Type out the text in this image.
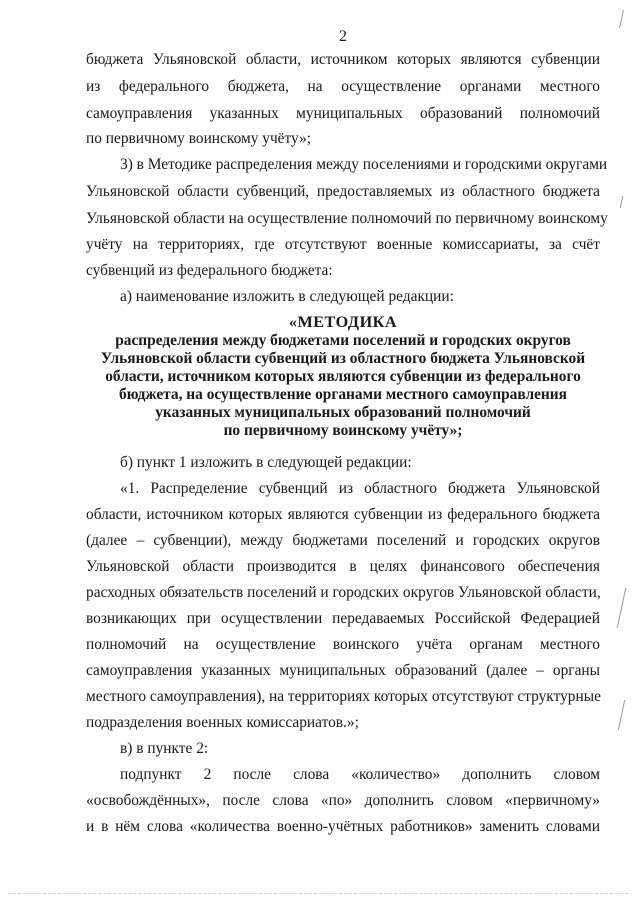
2
бюджета Ульяновской области, источником которых являются субвенции
из федерального бюджета, на осуществление органами местного
самоуправления указанных муниципальных образований полномочий
по первичному воинскому учёту»;
3) в Методике распределения между поселениями и городскими округами
Ульяновской области субвенций, предоставляемых из областного бюджета
Ульяновской области на осуществление полномочий по первичному воинскому
учёту на территориях, где отсутствуют военные комиссариаты, за счёт
субвенций из федерального бюджета:
а) наименование изложить в следующей редакции:
«МЕТОДИКА
распределения между бюджетами поселений и городских округов
Ульяновской области субвенций из областного бюджета Ульяновской
области, источником которых являются субвенции из федерального
бюджета, на осуществление органами местного самоуправления
указанных муниципальных образований полномочий
по первичному воинскому учёту»;
б) пункт 1 изложить в следующей редакции:
«1. Распределение субвенций из областного бюджета Ульяновской
области, источником которых являются субвенции из федерального бюджета
(далее – субвенции), между бюджетами поселений и городских округов
Ульяновской области производится в целях финансового обеспечения
расходных обязательств поселений и городских округов Ульяновской области,
возникающих при осуществлении передаваемых Российской Федерацией
полномочий на осуществление воинского учёта органам местного
самоуправления указанных муниципальных образований (далее – органы
местного самоуправления), на территориях которых отсутствуют структурные
подразделения военных комиссариатов.»;
в) в пункте 2:
подпункт 2 после слова «количество» дополнить словом
«освобождённых», после слова «по» дополнить словом «первичному»
и в нём слова «количества военно-учётных работников» заменить словами
